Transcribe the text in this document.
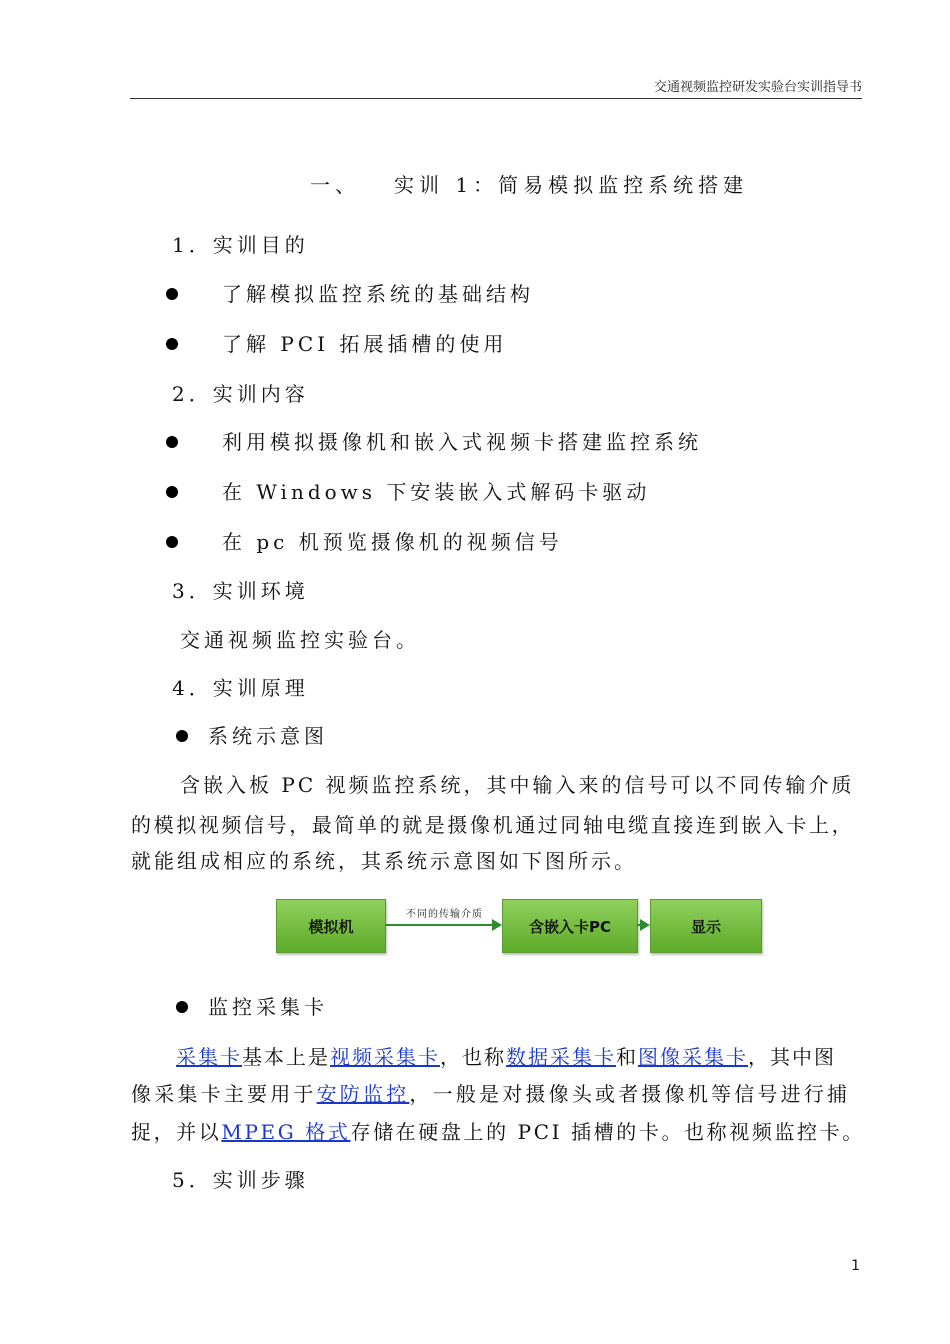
交通视频监控研发实验台实训指导书
一、 实训 1：简易模拟监控系统搭建
1．实训目的
了解模拟监控系统的基础结构
了解 PCI 拓展插槽的使用
2．实训内容
利用模拟摄像机和嵌入式视频卡搭建监控系统
在 Windows 下安装嵌入式解码卡驱动
在 pc 机预览摄像机的视频信号
3．实训环境
交通视频监控实验台。
4．实训原理
系统示意图
含嵌入板 PC 视频监控系统，其中输入来的信号可以不同传输介质
的模拟视频信号，最简单的就是摄像机通过同轴电缆直接连到嵌入卡上，
就能组成相应的系统，其系统示意图如下图所示。
模拟机
不同的传输介质
含嵌入卡PC	显示
监控采集卡
采集卡基本上是视频采集卡，也称数据采集卡和图像采集卡，其中图
像采集卡主要用于安防监控，一般是对摄像头或者摄像机等信号进行捕
捉，并以MPEG 格式存储在硬盘上的 PCI 插槽的卡。也称视频监控卡。
5．实训步骤
1
